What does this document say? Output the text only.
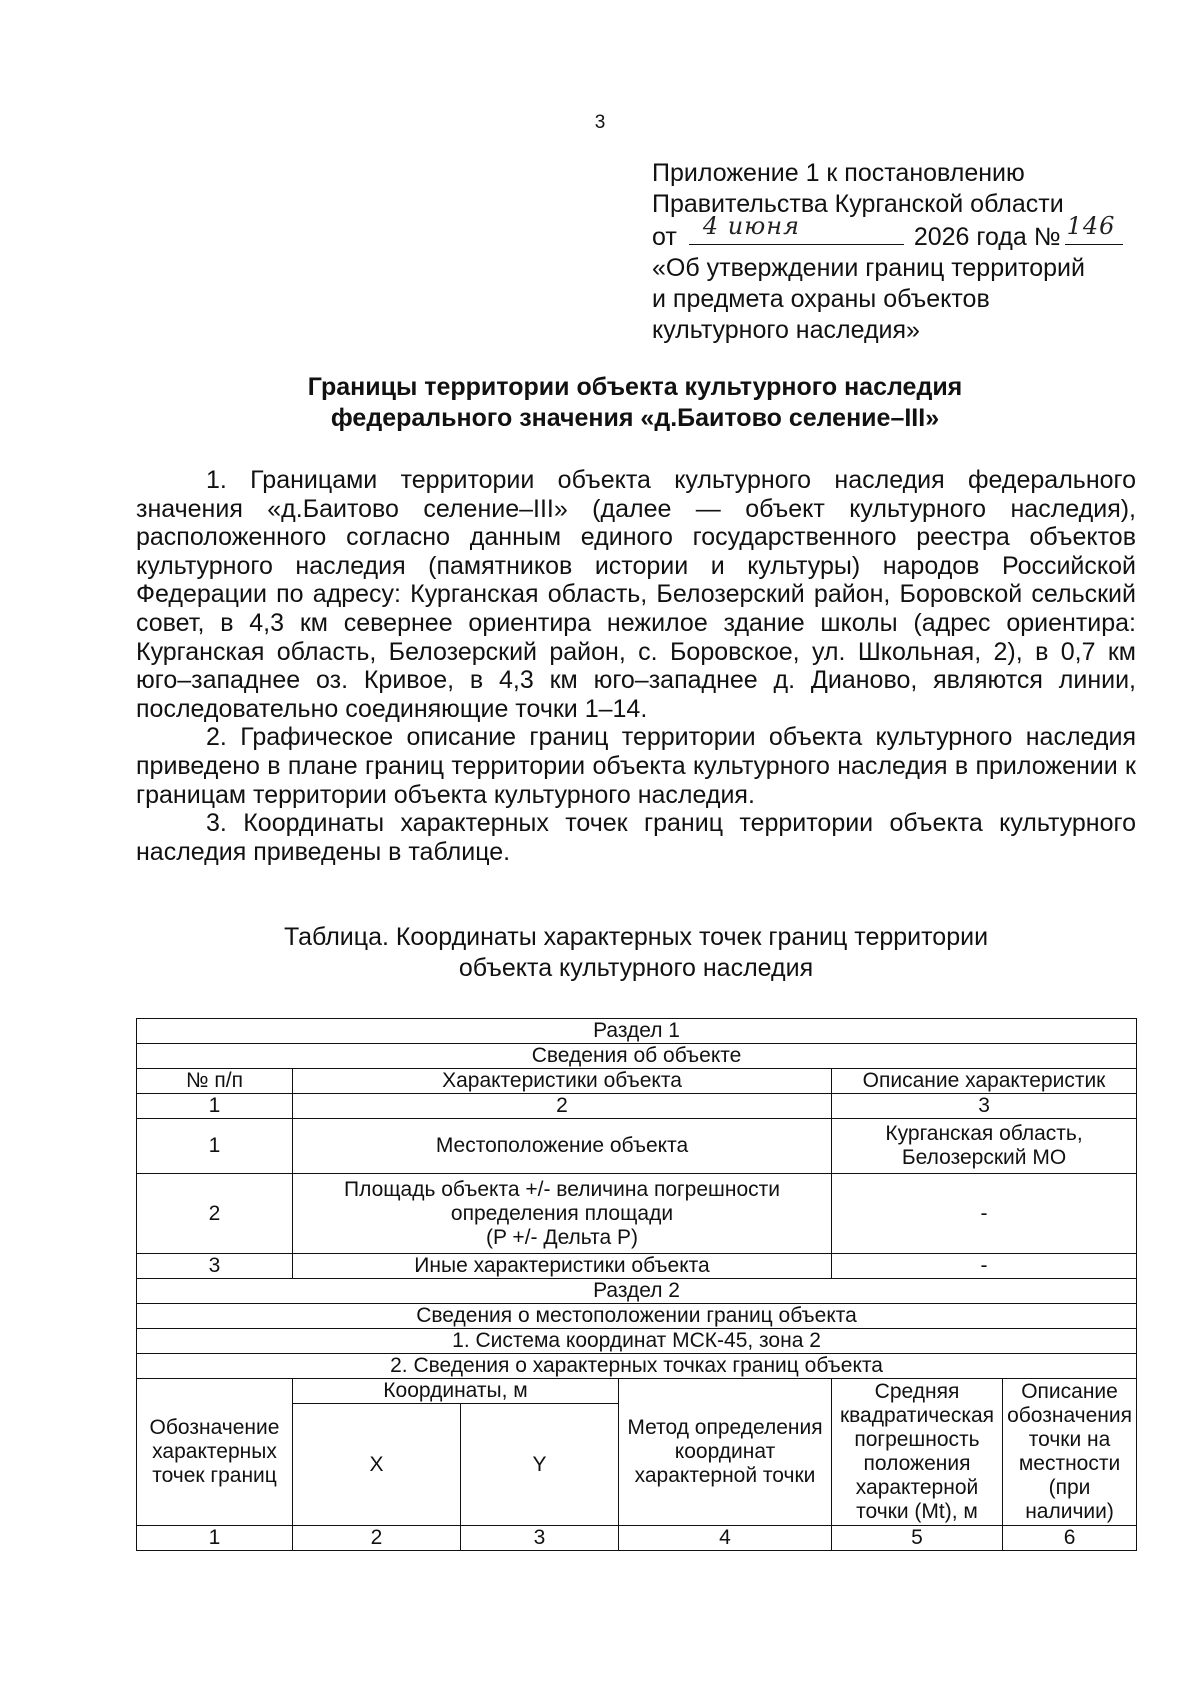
3
Приложение 1 к постановлению
Правительства Курганской области
от 4 июня	2026 года № 146
«Об утверждении границ территорий
и предмета охраны объектов
культурного наследия»
Границы территории объекта культурного наследия
федерального значения «д.Баитово селение–III»

1. Границами территории объекта культурного наследия федерального значения «д.Баитово селение–III» (далее — объект культурного наследия), расположенного согласно данным единого государственного реестра объектов культурного наследия (памятников истории и культуры) народов Российской Федерации по адресу: Курганская область, Белозерский район, Боровской сельский совет, в 4,3 км севернее ориентира нежилое здание школы (адрес ориентира: Курганская область, Белозерский район, с. Боровское, ул. Школьная, 2), в 0,7 км юго–западнее оз. Кривое, в 4,3 км юго–западнее д. Дианово, являются линии, последовательно соединяющие точки 1–14.

2. Графическое описание границ территории объекта культурного наследия приведено в плане границ территории объекта культурного наследия в приложении к границам территории объекта культурного наследия.

3. Координаты характерных точек границ территории объекта культурного наследия приведены в таблице.

Таблица. Координаты характерных точек границ территории
объекта культурного наследия
Раздел 1					
Сведения об объекте					
№ п/п	Характеристики объекта			Описание характеристик	
1	2			3	
1	Местоположение объекта			Курганская область,
Белозерский МО	

2	Площадь объекта +/- величина погрешности
определения площади
(P +/- Дельта P)			-	
3	Иные характеристики объекта			-	
Раздел 2					
Сведения о местоположении границ объекта					
1. Система координат МСК-45, зона 2					
2. Сведения о характерных точках границ объекта					
Обозначение характерных точек границ	Координаты, м		Метод определения координат характерной точки	Средняя квадратическая погрешность положения характерной точки (Mt), м	Описание обозначения точки на местности (при наличии)
	X	Y			
1	2	3	4	5	6
